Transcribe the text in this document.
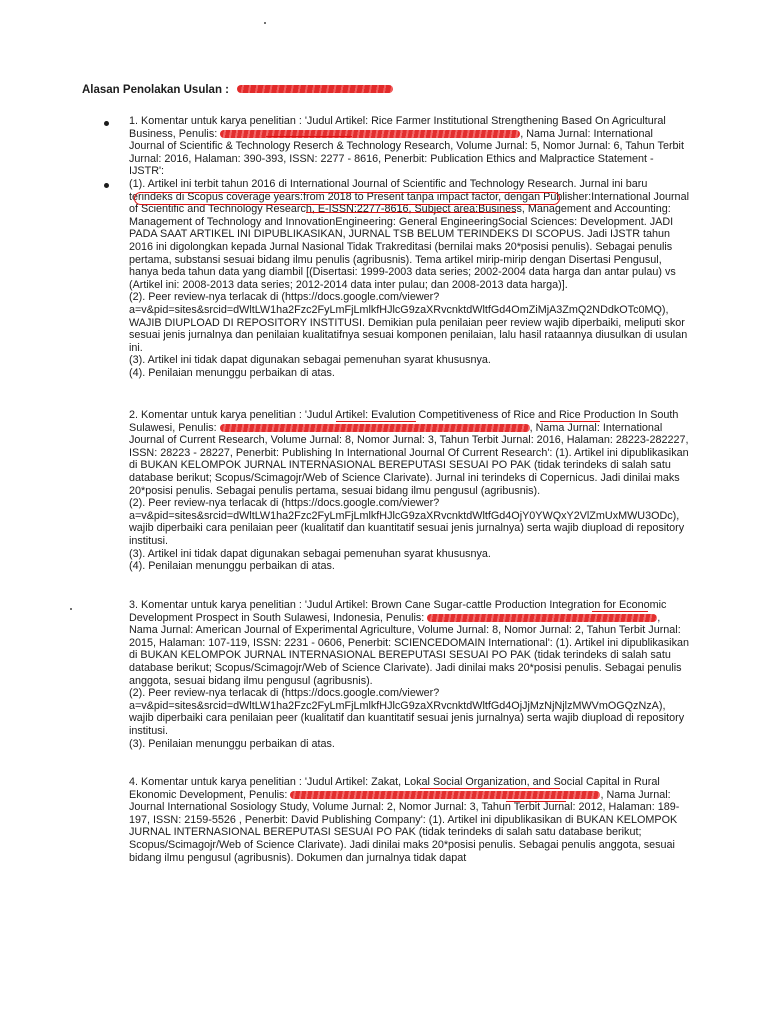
Alasan Penolakan Usulan :

1. Komentar untuk karya penelitian : 'Judul Artikel: Rice Farmer Institutional Strengthening Based On Agricultural Business, Penulis:	, Nama Jurnal: International Journal of Scientific & Technology Reserch & Technology Research, Volume Jurnal: 5, Nomor Jurnal: 6, Tahun Terbit Jurnal: 2016, Halaman: 390-393, ISSN: 2277 - 8616, Penerbit: Publication Ethics and Malpractice Statement - IJSTR':

(1). Artikel ini terbit tahun 2016 di International Journal of Scientific and Technology Research. Jurnal ini baru terindeks di Scopus coverage years:from 2018 to Present tanpa impact factor, dengan Publisher:International Journal of Scientific and Technology Research, E-ISSN:2277-8616, Subject area:Business, Management and Accounting: Management of Technology and InnovationEngineering: General EngineeringSocial Sciences: Development. JADI PADA SAAT ARTIKEL INI DIPUBLIKASIKAN, JURNAL TSB BELUM TERINDEKS DI SCOPUS. Jadi IJSTR tahun 2016 ini digolongkan kepada Jurnal Nasional Tidak Trakreditasi (bernilai maks 20*posisi penulis). Sebagai penulis pertama, substansi sesuai bidang ilmu penulis (agribusnis). Tema artikel mirip-mirip dengan Disertasi Pengusul, hanya beda tahun data yang diambil [(Disertasi: 1999-2003 data series; 2002-2004 data harga dan antar pulau) vs (Artikel ini: 2008-2013 data series; 2012-2014 data inter pulau; dan 2008-2013 data harga)].

(2). Peer review-nya terlacak di (https://docs.google.com/viewer?a=v&pid=sites&srcid=dWltLW1ha2Fzc2FyLmFjLmlkfHJlcG9zaXRvcnktdWltfGd4OmZiMjA3ZmQ2NDdkOTc0MQ), WAJIB DIUPLOAD DI REPOSITORY INSTITUSI. Demikian pula penilaian peer review wajib diperbaiki, meliputi skor sesuai jenis jurnalnya dan penilaian kualitatifnya sesuai komponen penilaian, lalu hasil rataannya diusulkan di usulan ini.

(3). Artikel ini tidak dapat digunakan sebagai pemenuhan syarat khususnya.

(4). Penilaian menunggu perbaikan di atas.

2. Komentar untuk karya penelitian : 'Judul Artikel: Evalution Competitiveness of Rice and Rice Production In South Sulawesi, Penulis:	, Nama Jurnal: International Journal of Current Research, Volume Jurnal: 8, Nomor Jurnal: 3, Tahun Terbit Jurnal: 2016, Halaman: 28223-282227, ISSN: 28223 - 28227, Penerbit: Publishing In International Journal Of Current Research': (1). Artikel ini dipublikasikan di BUKAN KELOMPOK JURNAL INTERNASIONAL BEREPUTASI SESUAI PO PAK (tidak terindeks di salah satu database berikut; Scopus/Scimagojr/Web of Science Clarivate). Jurnal ini terindeks di Copernicus. Jadi dinilai maks 20*posisi penulis. Sebagai penulis pertama, sesuai bidang ilmu pengusul (agribusnis).

(2). Peer review-nya terlacak di (https://docs.google.com/viewer?a=v&pid=sites&srcid=dWltLW1ha2Fzc2FyLmFjLmlkfHJlcG9zaXRvcnktdWltfGd4OjY0YWQxY2VlZmUxMWU3ODc), wajib diperbaiki cara penilaian peer (kualitatif dan kuantitatif sesuai jenis jurnalnya) serta wajib diupload di repository institusi.

(3). Artikel ini tidak dapat digunakan sebagai pemenuhan syarat khususnya.

(4). Penilaian menunggu perbaikan di atas.

3. Komentar untuk karya penelitian : 'Judul Artikel: Brown Cane Sugar-cattle Production Integration for Economic Development Prospect in South Sulawesi, Indonesia, Penulis:	, Nama Jurnal: American Journal of Experimental Agriculture, Volume Jurnal: 8, Nomor Jurnal: 2, Tahun Terbit Jurnal: 2015, Halaman: 107-119, ISSN: 2231 - 0606, Penerbit: SCIENCEDOMAIN International': (1). Artikel ini dipublikasikan di BUKAN KELOMPOK JURNAL INTERNASIONAL BEREPUTASI SESUAI PO PAK (tidak terindeks di salah satu database berikut; Scopus/Scimagojr/Web of Science Clarivate). Jadi dinilai maks 20*posisi penulis. Sebagai penulis anggota, sesuai bidang ilmu pengusul (agribusnis).

(2). Peer review-nya terlacak di (https://docs.google.com/viewer?a=v&pid=sites&srcid=dWltLW1ha2Fzc2FyLmFjLmlkfHJlcG9zaXRvcnktdWltfGd4OjJjMzNjNjlzMWVmOGQzNzA), wajib diperbaiki cara penilaian peer (kualitatif dan kuantitatif sesuai jenis jurnalnya) serta wajib diupload di repository institusi.

(3). Penilaian menunggu perbaikan di atas.

4. Komentar untuk karya penelitian : 'Judul Artikel: Zakat, Lokal Social Organization, and Social Capital in Rural Ekonomic Development, Penulis:	, Nama Jurnal: Journal International Sosiology Study, Volume Jurnal: 2, Nomor Jurnal: 3, Tahun Terbit Jurnal: 2012, Halaman: 189-197, ISSN: 2159-5526 , Penerbit: David Publishing Company': (1). Artikel ini dipublikasikan di BUKAN KELOMPOK JURNAL INTERNASIONAL BEREPUTASI SESUAI PO PAK (tidak terindeks di salah satu database berikut; Scopus/Scimagojr/Web of Science Clarivate). Jadi dinilai maks 20*posisi penulis. Sebagai penulis anggota, sesuai bidang ilmu pengusul (agribusnis). Dokumen dan jurnalnya tidak dapat
